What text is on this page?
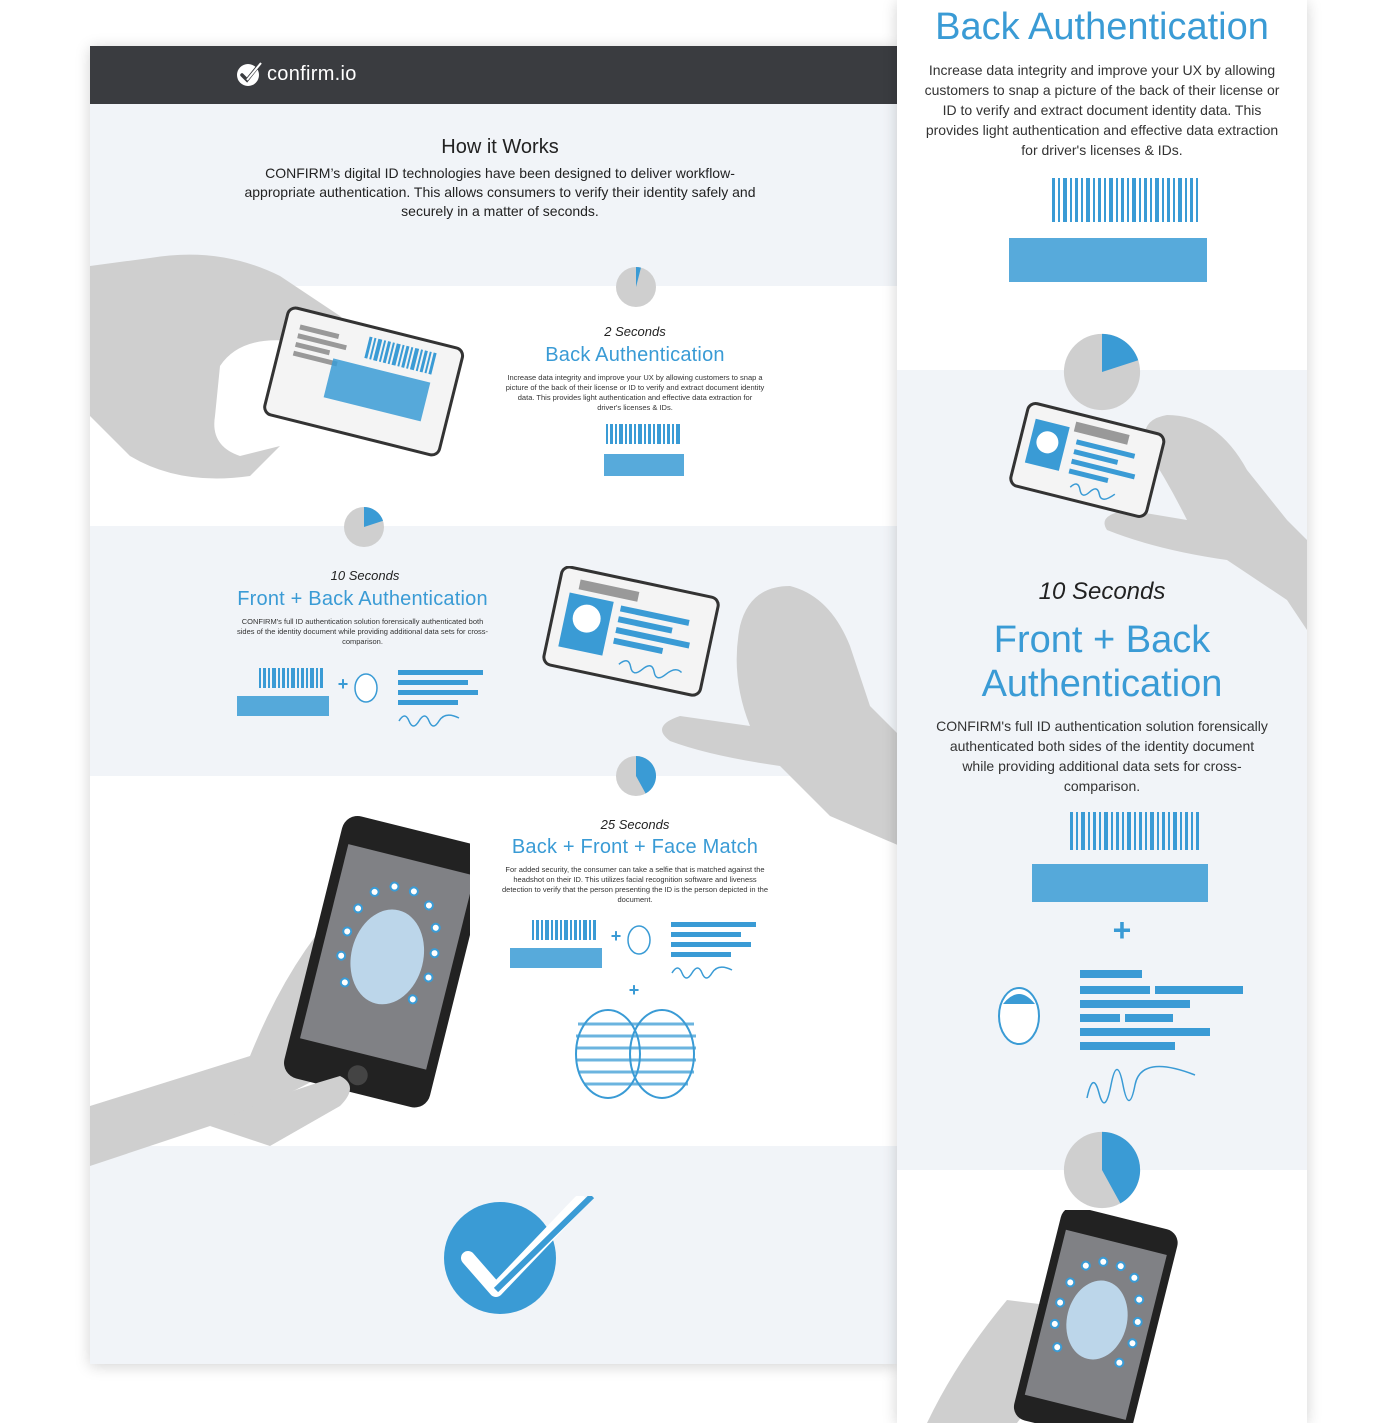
confirm.io
How it Works
CONFIRM’s digital ID technologies have been designed to deliver workflow-appropriate authentication. This allows consumers to verify their identity safely and securely in a matter of seconds.
2 Seconds
Back Authentication
Increase data integrity and improve your UX by allowing customers to snap a picture of the back of their license or ID to verify and extract document identity data. This provides light authentication and effective data extraction for driver's licenses & IDs.
10 Seconds
Front + Back Authentication
CONFIRM's full ID authentication solution forensically authenticated both sides of the identity document while providing additional data sets for cross-comparison.
+
25 Seconds
Back + Front + Face Match
For added security, the consumer can take a selfie that is matched against the headshot on their ID. This utilizes facial recognition software and liveness detection to verify that the person presenting the ID is the person depicted in the document.
+
+
Back Authentication
Increase data integrity and improve your UX by allowing customers to snap a picture of the back of their license or ID to verify and extract document identity data. This provides light authentication and effective data extraction for driver's licenses & IDs.
10 Seconds
Front + Back Authentication
CONFIRM's full ID authentication solution forensically authenticated both sides of the identity document while providing additional data sets for cross-comparison.
+
